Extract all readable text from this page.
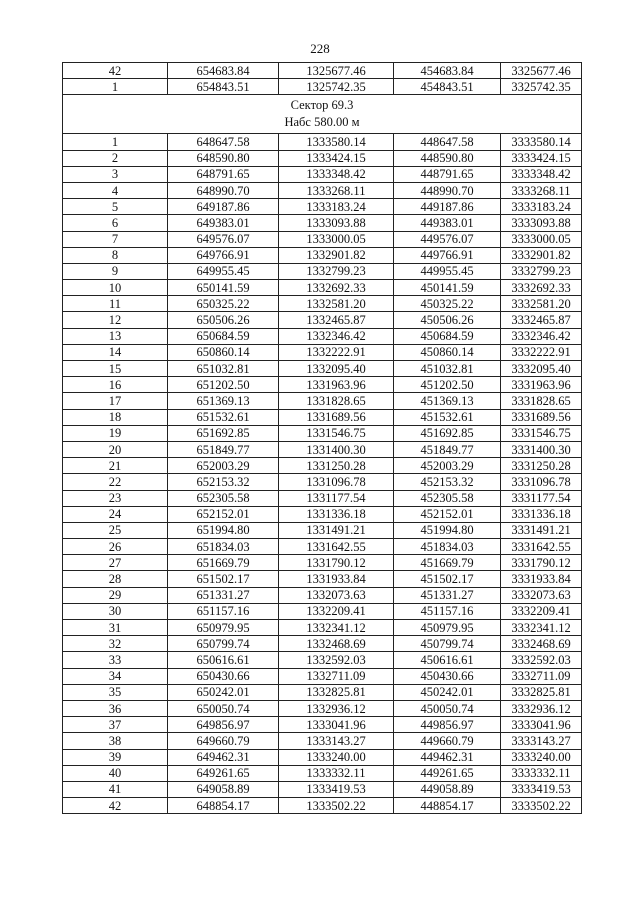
228
42	654683.84	1325677.46	454683.84	3325677.46
1	654843.51	1325742.35	454843.51	3325742.35

Сектор 69.3
Набс 580.00 м				

1	648647.58	1333580.14	448647.58	3333580.14
2	648590.80	1333424.15	448590.80	3333424.15
3	648791.65	1333348.42	448791.65	3333348.42
4	648990.70	1333268.11	448990.70	3333268.11
5	649187.86	1333183.24	449187.86	3333183.24
6	649383.01	1333093.88	449383.01	3333093.88
7	649576.07	1333000.05	449576.07	3333000.05
8	649766.91	1332901.82	449766.91	3332901.82
9	649955.45	1332799.23	449955.45	3332799.23
10	650141.59	1332692.33	450141.59	3332692.33
11	650325.22	1332581.20	450325.22	3332581.20
12	650506.26	1332465.87	450506.26	3332465.87
13	650684.59	1332346.42	450684.59	3332346.42
14	650860.14	1332222.91	450860.14	3332222.91
15	651032.81	1332095.40	451032.81	3332095.40
16	651202.50	1331963.96	451202.50	3331963.96
17	651369.13	1331828.65	451369.13	3331828.65
18	651532.61	1331689.56	451532.61	3331689.56
19	651692.85	1331546.75	451692.85	3331546.75
20	651849.77	1331400.30	451849.77	3331400.30
21	652003.29	1331250.28	452003.29	3331250.28
22	652153.32	1331096.78	452153.32	3331096.78
23	652305.58	1331177.54	452305.58	3331177.54
24	652152.01	1331336.18	452152.01	3331336.18
25	651994.80	1331491.21	451994.80	3331491.21
26	651834.03	1331642.55	451834.03	3331642.55
27	651669.79	1331790.12	451669.79	3331790.12
28	651502.17	1331933.84	451502.17	3331933.84
29	651331.27	1332073.63	451331.27	3332073.63
30	651157.16	1332209.41	451157.16	3332209.41
31	650979.95	1332341.12	450979.95	3332341.12
32	650799.74	1332468.69	450799.74	3332468.69
33	650616.61	1332592.03	450616.61	3332592.03
34	650430.66	1332711.09	450430.66	3332711.09
35	650242.01	1332825.81	450242.01	3332825.81
36	650050.74	1332936.12	450050.74	3332936.12
37	649856.97	1333041.96	449856.97	3333041.96
38	649660.79	1333143.27	449660.79	3333143.27
39	649462.31	1333240.00	449462.31	3333240.00
40	649261.65	1333332.11	449261.65	3333332.11
41	649058.89	1333419.53	449058.89	3333419.53
42	648854.17	1333502.22	448854.17	3333502.22
